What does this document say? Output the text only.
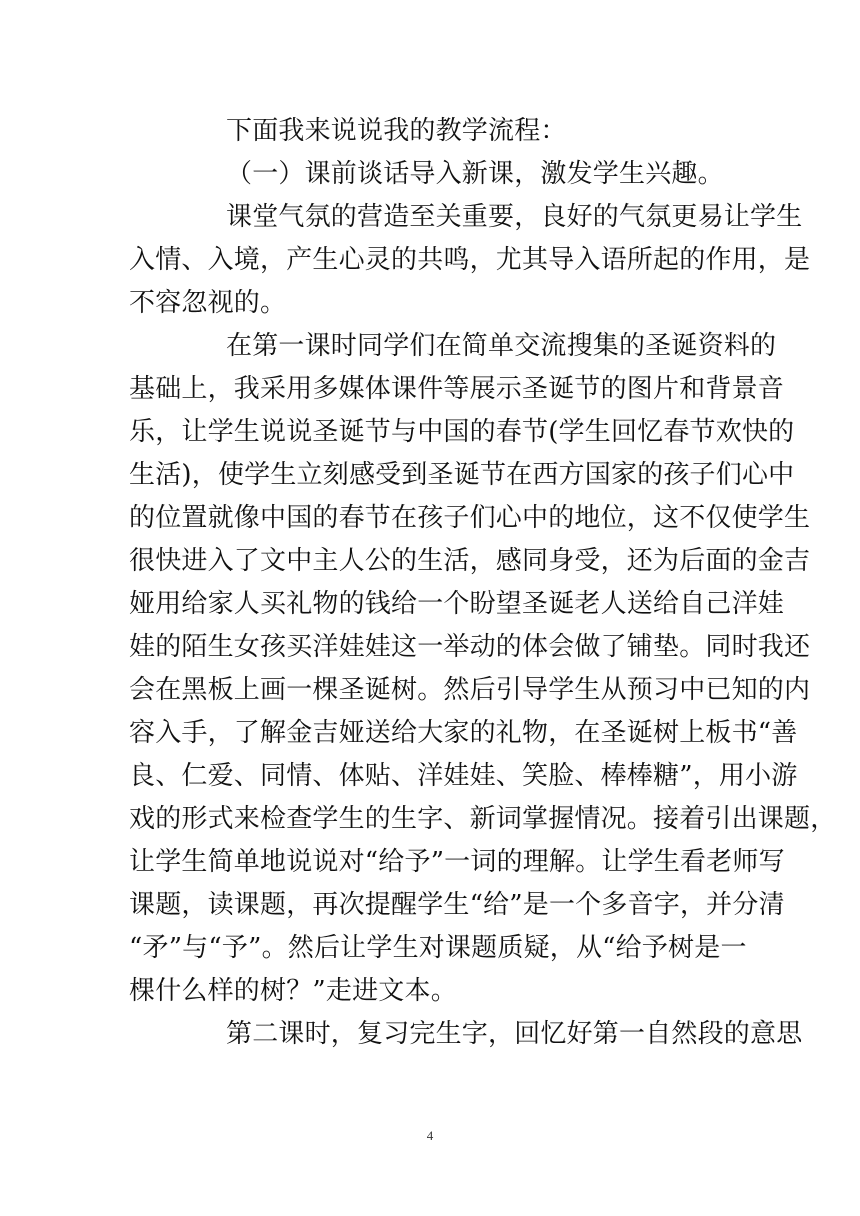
下面我来说说我的教学流程：
（一）课前谈话导入新课，激发学生兴趣。
课堂气氛的营造至关重要，良好的气氛更易让学生
入情、入境，产生心灵的共鸣，尤其导入语所起的作用，是
不容忽视的。
在第一课时同学们在简单交流搜集的圣诞资料的
基础上，我采用多媒体课件等展示圣诞节的图片和背景音
乐，让学生说说圣诞节与中国的春节(学生回忆春节欢快的
生活)，使学生立刻感受到圣诞节在西方国家的孩子们心中
的位置就像中国的春节在孩子们心中的地位，这不仅使学生
很快进入了文中主人公的生活，感同身受，还为后面的金吉
娅用给家人买礼物的钱给一个盼望圣诞老人送给自己洋娃
娃的陌生女孩买洋娃娃这一举动的体会做了铺垫。同时我还
会在黑板上画一棵圣诞树。然后引导学生从预习中已知的内
容入手，了解金吉娅送给大家的礼物，在圣诞树上板书“善
良、仁爱、同情、体贴、洋娃娃、笑脸、棒棒糖”，用小游
戏的形式来检查学生的生字、新词掌握情况。接着引出课题，
让学生简单地说说对“给予”一词的理解。让学生看老师写
课题，读课题，再次提醒学生“给”是一个多音字，并分清
“矛”与“予”。然后让学生对课题质疑，从“给予树是一
棵什么样的树？”走进文本。
第二课时，复习完生字，回忆好第一自然段的意思
4
